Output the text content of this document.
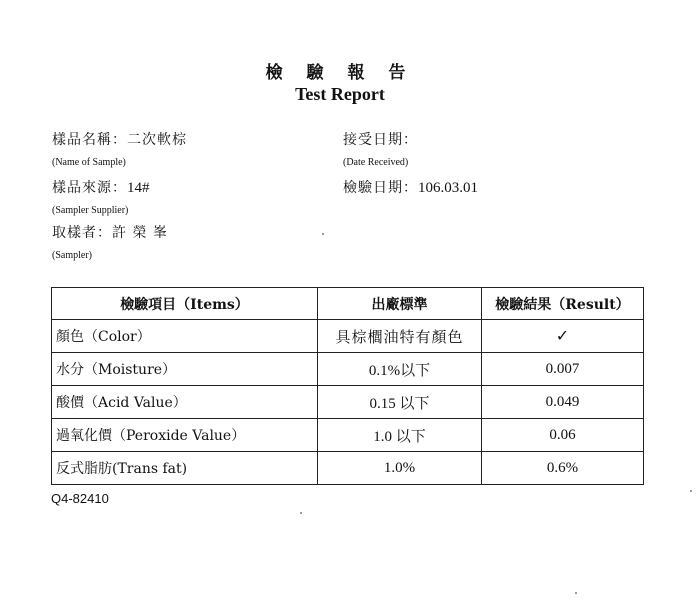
檢 驗 報 告
Test Report
樣品名稱：二次軟棕
(Name of Sample)
樣品來源：14#
(Sampler Supplier)
取樣者：許 榮 峯
(Sampler)
接受日期：
(Date Received)
檢驗日期：106.03.01
檢驗項目（Items）	出廠標準	檢驗結果（Result）
顏色（Color）	具棕櫚油特有顏色	✓
水分（Moisture）	0.1%以下	0.007
酸價（Acid Value）	0.15 以下	0.049
過氧化價（Peroxide Value）	1.0 以下	0.06
反式脂肪(Trans fat)	1.0%	0.6%
Q4-82410
